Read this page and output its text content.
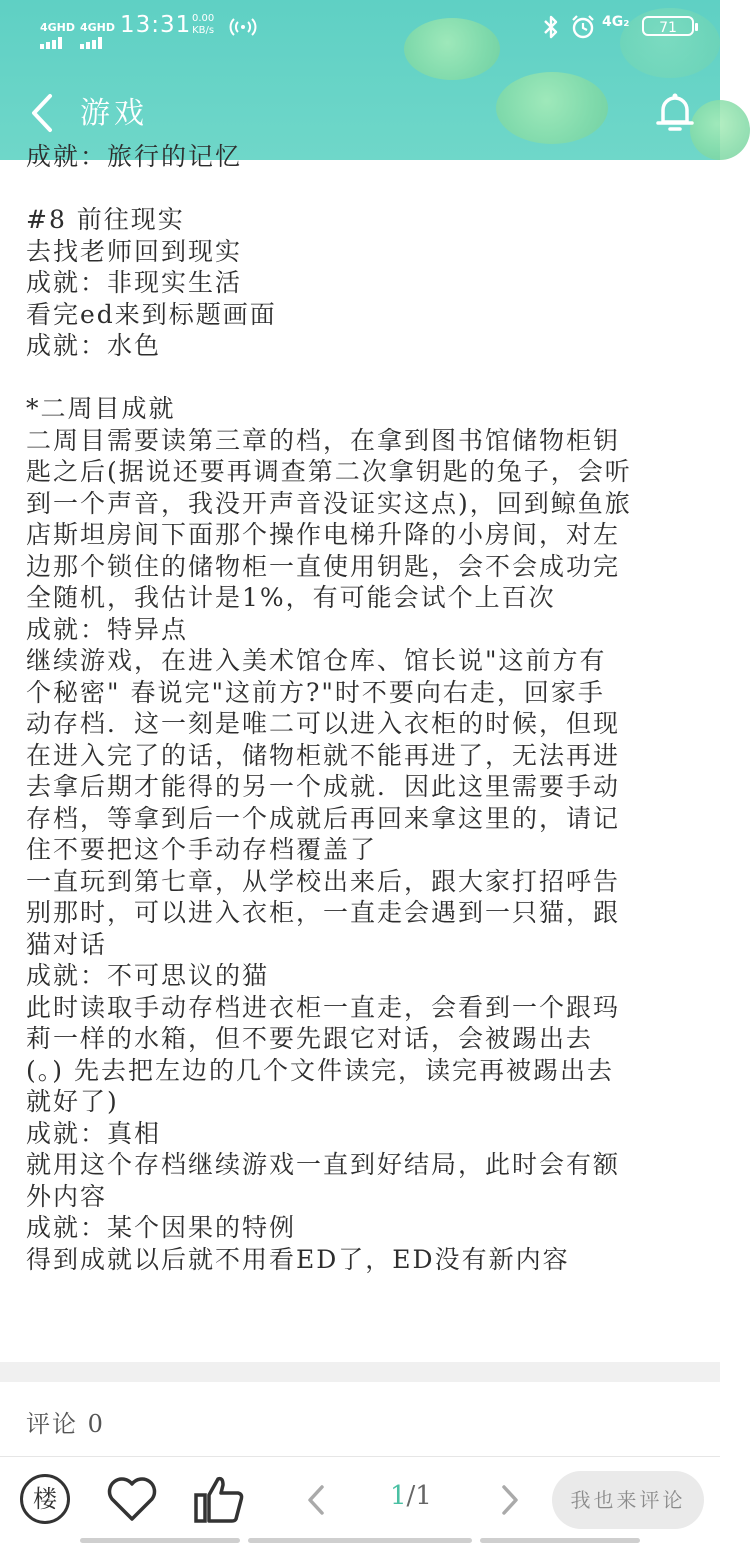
4GHD 4GHD 13:31 0.00
KB/s
4G₂	71
游戏
成就：旅行的记忆
#8 前往现实
去找老师回到现实
成就：非现实生活
看完ed来到标题画面
成就：水色
*二周目成就
二周目需要读第三章的档，在拿到图书馆储物柜钥
匙之后(据说还要再调查第二次拿钥匙的兔子，会听
到一个声音，我没开声音没证实这点)，回到鲸鱼旅
店斯坦房间下面那个操作电梯升降的小房间，对左
边那个锁住的储物柜一直使用钥匙，会不会成功完
全随机，我估计是1%，有可能会试个上百次
成就：特异点
继续游戏，在进入美术馆仓库、馆长说"这前方有
个秘密" 春说完"这前方?"时不要向右走，回家手
动存档．这一刻是唯二可以进入衣柜的时候，但现
在进入完了的话，储物柜就不能再进了，无法再进
去拿后期才能得的另一个成就．因此这里需要手动
存档，等拿到后一个成就后再回来拿这里的，请记
住不要把这个手动存档覆盖了
一直玩到第七章，从学校出来后，跟大家打招呼告
别那时，可以进入衣柜，一直走会遇到一只猫，跟
猫对话
成就：不可思议的猫
此时读取手动存档进衣柜一直走，会看到一个跟玛
莉一样的水箱，但不要先跟它对话，会被踢出去
(。) 先去把左边的几个文件读完，读完再被踢出去
就好了)
成就：真相
就用这个存档继续游戏一直到好结局，此时会有额
外内容
成就：某个因果的特例
得到成就以后就不用看ED了，ED没有新内容
评论 0
楼	1/1	我也来评论
